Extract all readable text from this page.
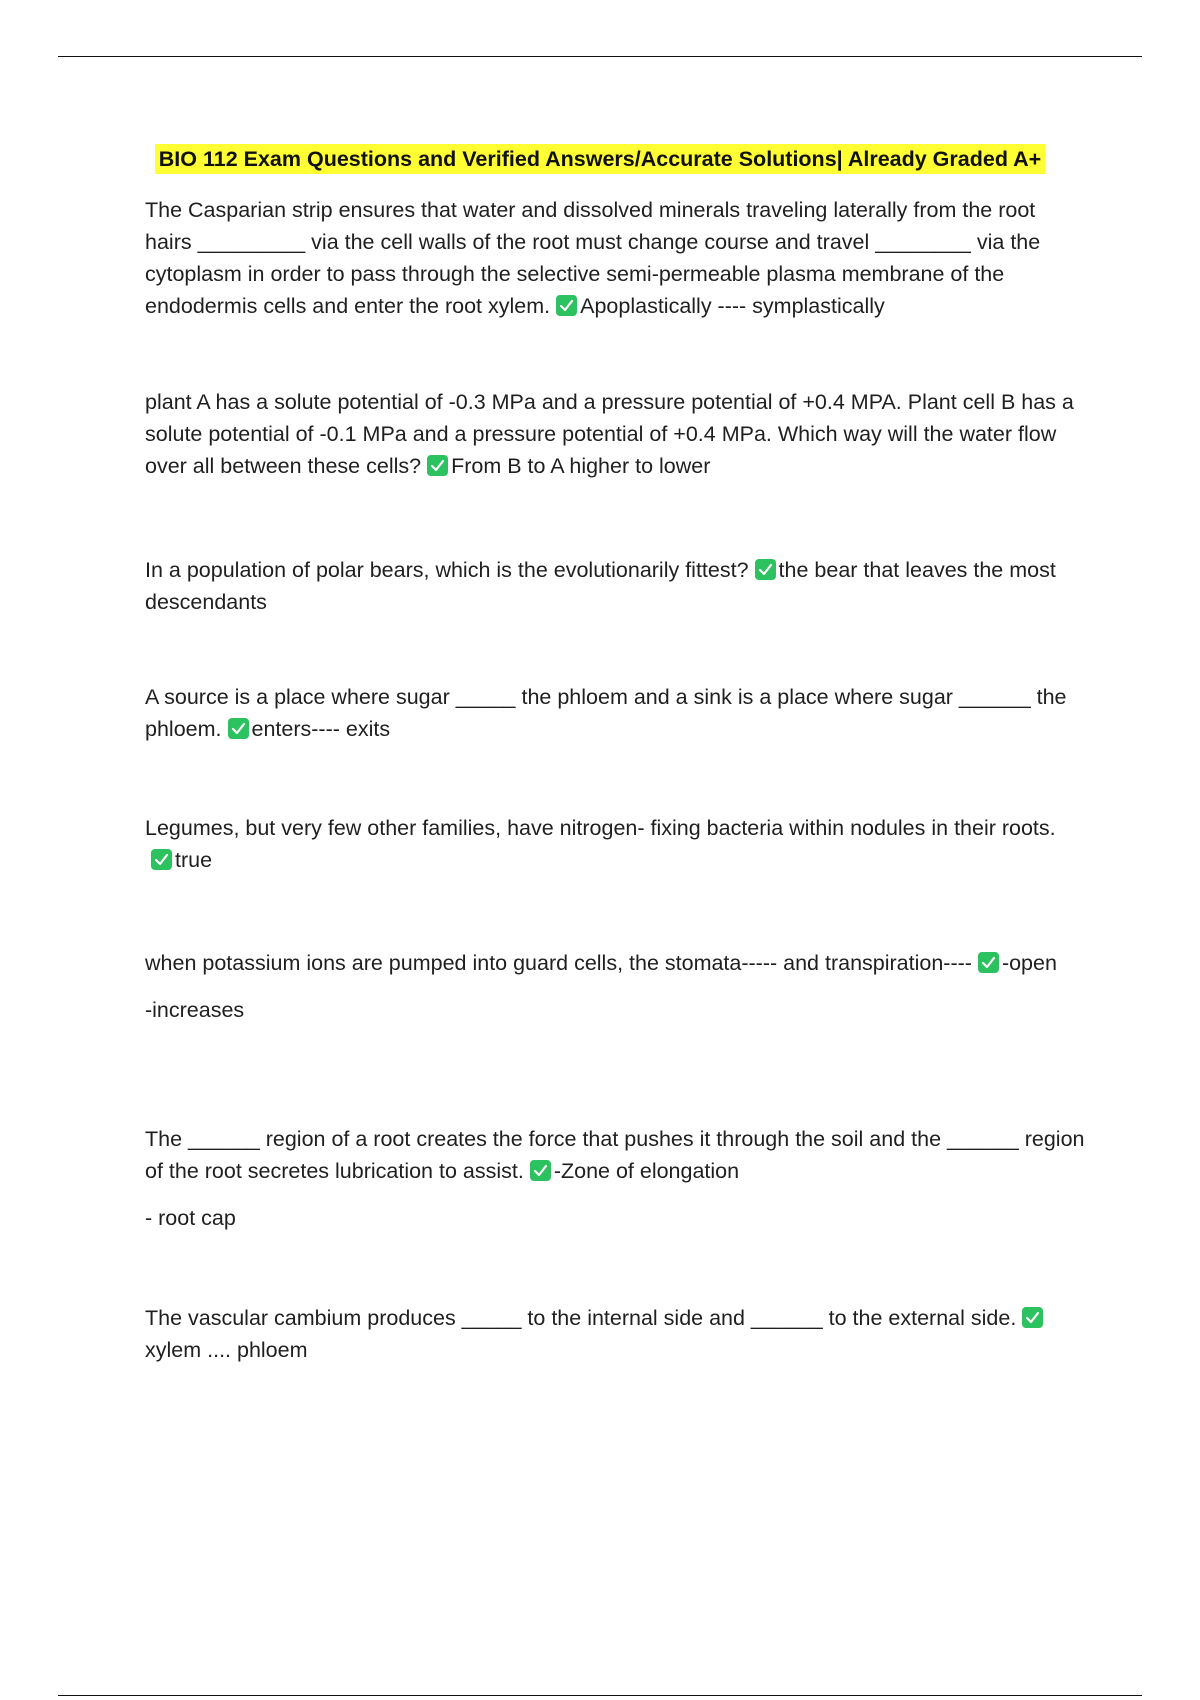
BIO 112 Exam Questions and Verified Answers/Accurate Solutions| Already Graded A+

The Casparian strip ensures that water and dissolved minerals traveling laterally from the root hairs _________ via the cell walls of the root must change course and travel ________ via the cytoplasm in order to pass through the selective semi-permeable plasma membrane of the endodermis cells and enter the root xylem. Apoplastically ---- symplastically

plant A has a solute potential of -0.3 MPa and a pressure potential of +0.4 MPA. Plant cell B has a solute potential of -0.1 MPa and a pressure potential of +0.4 MPa. Which way will the water flow over all between these cells? From B to A higher to lower

In a population of polar bears, which is the evolutionarily fittest? the bear that leaves the most descendants

A source is a place where sugar _____ the phloem and a sink is a place where sugar ______ the phloem. enters---- exits

Legumes, but very few other families, have nitrogen- fixing bacteria within nodules in their roots.
true

when potassium ions are pumped into guard cells, the stomata----- and transpiration---- -open

-increases

The ______ region of a root creates the force that pushes it through the soil and the ______ region of the root secretes lubrication to assist. -Zone of elongation

- root cap

The vascular cambium produces _____ to the internal side and ______ to the external side.
xylem .... phloem
